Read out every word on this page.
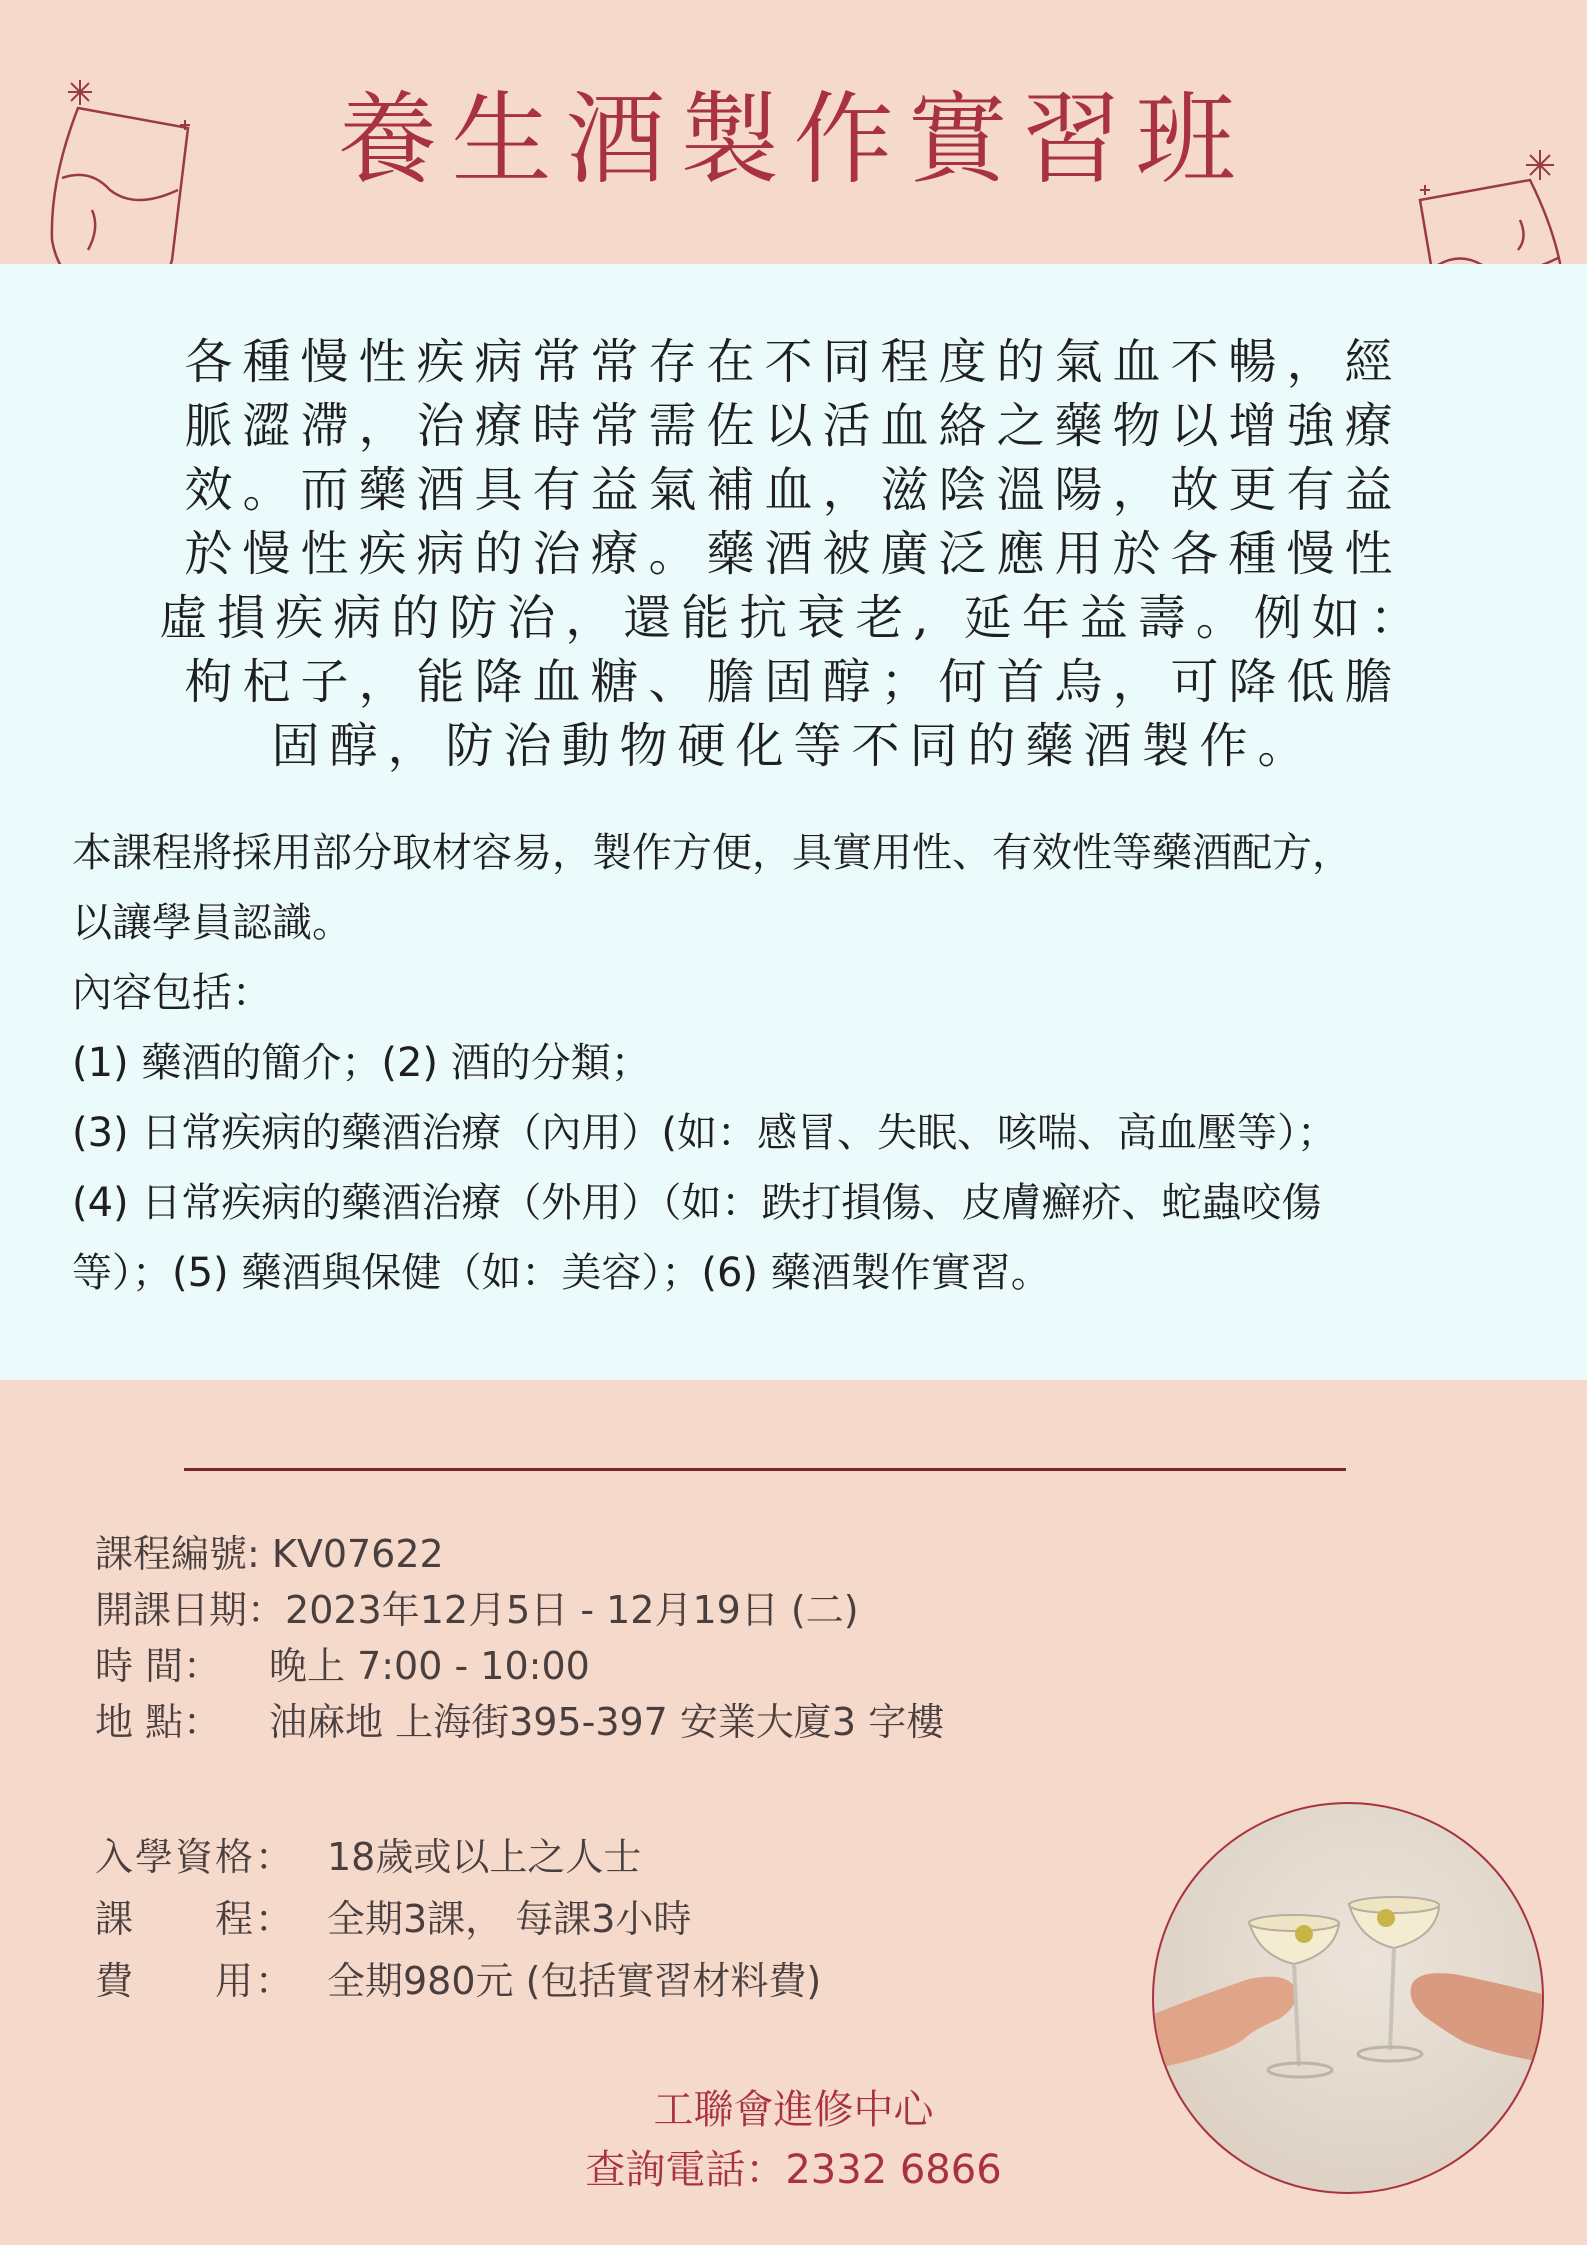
養生酒製作實習班
各種慢性疾病常常存在不同程度的氣血不暢，經
脈澀滯，治療時常需佐以活血絡之藥物以增強療
效。而藥酒具有益氣補血，滋陰溫陽，故更有益
於慢性疾病的治療。藥酒被廣泛應用於各種慢性
虛損疾病的防治，還能抗衰老, 延年益壽。例如：
枸杞子，能降血糖、膽固醇；何首烏，可降低膽
固醇，防治動物硬化等不同的藥酒製作。
本課程將採用部分取材容易，製作方便，具實用性、有效性等藥酒配方，
以讓學員認識。
內容包括：
(1) 藥酒的簡介；(2) 酒的分類；
(3) 日常疾病的藥酒治療（內用）(如：感冒、失眠、咳喘、高血壓等）；
(4) 日常疾病的藥酒治療（外用）（如：跌打損傷、皮膚癬疥、蛇蟲咬傷
等）；(5) 藥酒與保健（如：美容）；(6) 藥酒製作實習。
課程編號: KV07622
開課日期：2023年12月5日 - 12月19日 (二)
時 間： 晚上 7:00 - 10:00
地 點： 油麻地 上海街395-397 安業大廈3 字樓
入學資格： 18歲或以上之人士
課　　程： 全期3課， 每課3小時
費　　用： 全期980元 (包括實習材料費)
工聯會進修中心
查詢電話：2332 6866
